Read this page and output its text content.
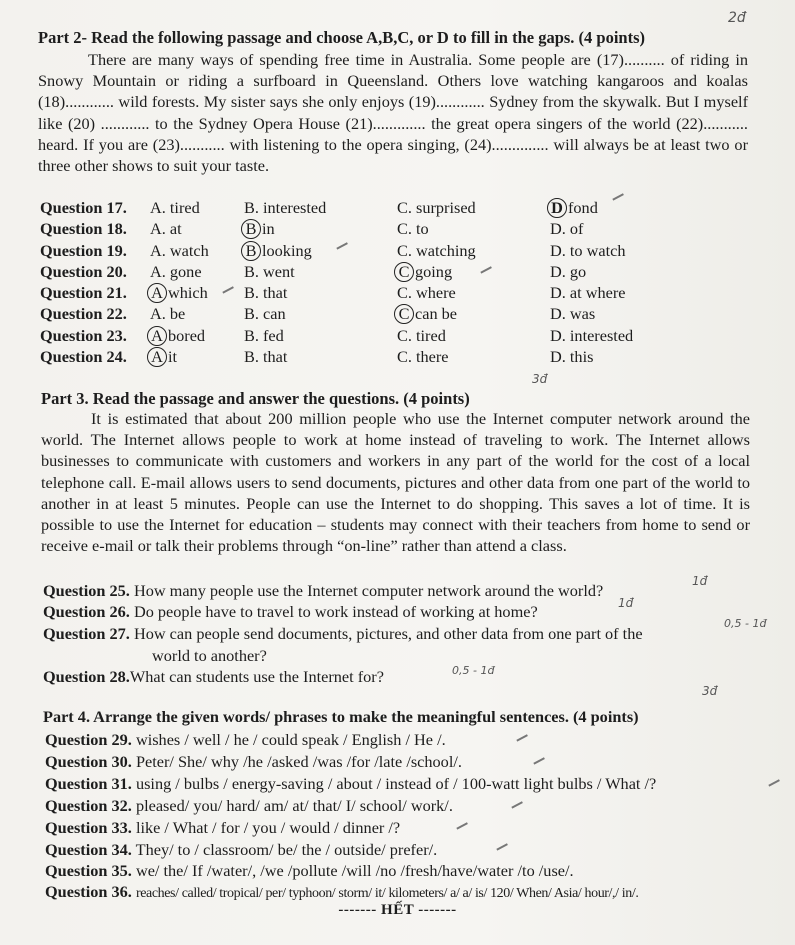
Part 2- Read the following passage and choose A,B,C, or D to fill in the gaps. (4 points)
2đ
There are many ways of spending free time in Australia. Some people are (17).......... of riding in Snowy Mountain or riding a surfboard in Queensland. Others love watching kangaroos and koalas (18)............ wild forests. My sister says she only enjoys (19)............ Sydney from the skywalk. But I myself like (20) ............ to the Sydney Opera House (21)............. the great opera singers of the world (22)........... heard. If you are (23)........... with listening to the opera singing, (24).............. will always be at least two or three other shows to suit your taste.
Question 17. A. tired	B. interested	C. surprised	D fond
Question 18. A. at	B in	C. to	D. of
Question 19. A. watch B looking	C. watching	D. to watch
Question 20. A. gone	B. went	C going	D. go
Question 21. A which B. that	C. where	D. at where
Question 22. A. be	B. can	C can be	D. was
Question 23. A bored B. fed	C. tired	D. interested
Question 24. A it	B. that	C. there	D. this
3đ
Part 3. Read the passage and answer the questions. (4 points)
It is estimated that about 200 million people who use the Internet computer network around the world. The Internet allows people to work at home instead of traveling to work. The Internet allows businesses to communicate with customers and workers in any part of the world for the cost of a local telephone call. E-mail allows users to send documents, pictures and other data from one part of the world to another in at least 5 minutes. People can use the Internet to do shopping. This saves a lot of time. It is possible to use the Internet for education – students may connect with their teachers from home to send or receive e-mail or talk their problems through “on-line” rather than attend a class.
Question 25. How many people use the Internet computer network around the world?	1đ
Question 26. Do people have to travel to work instead of working at home?	1đ
Question 27. How can people send documents, pictures, and other data from one part of the
0,5 - 1đ
world to another?
Question 28.What can students use the Internet for?	0,5 - 1đ
3đ
Part 4. Arrange the given words/ phrases to make the meaningful sentences. (4 points)
Question 29. wishes / well / he / could speak / English / He /.
Question 30. Peter/ She/ why /he /asked /was /for /late /school/.
Question 31. using / bulbs / energy-saving / about / instead of / 100-watt light bulbs / What /?
Question 32. pleased/ you/ hard/ am/ at/ that/ I/ school/ work/.
Question 33. like / What / for / you / would / dinner /?
Question 34. They/ to / classroom/ be/ the / outside/ prefer/.
Question 35. we/ the/ If /water/, /we /pollute /will /no /fresh/have/water /to /use/.
Question 36. reaches/ called/ tropical/ per/ typhoon/ storm/ it/ kilometers/ a/ a/ is/ 120/ When/ Asia/ hour/,/ in/.
------- HẾT -------
